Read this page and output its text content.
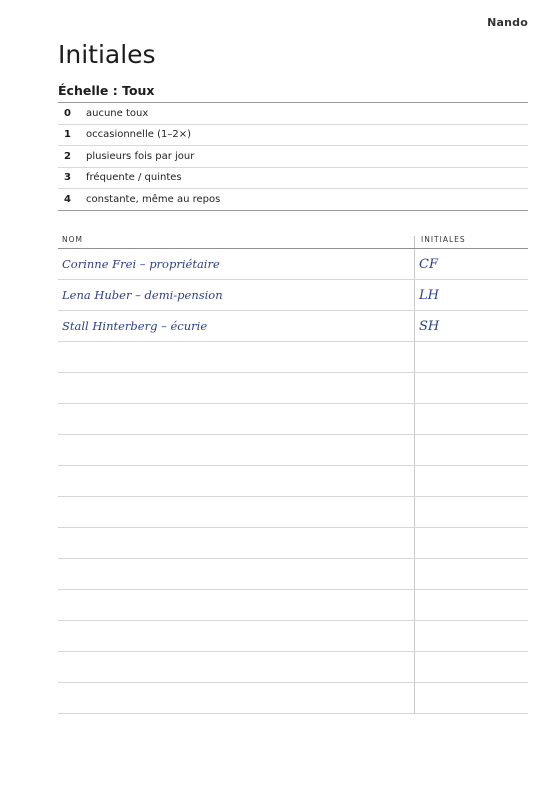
Nando
Initiales
Échelle : Toux
0	aucune toux
1	occasionnelle (1–2×)
2	plusieurs fois par jour
3	fréquente / quintes
4	constante, même au repos
NOM	INITIALES
Corinne Frei – propriétaire	CF
Lena Huber – demi-pension	LH
Stall Hinterberg – écurie	SH
